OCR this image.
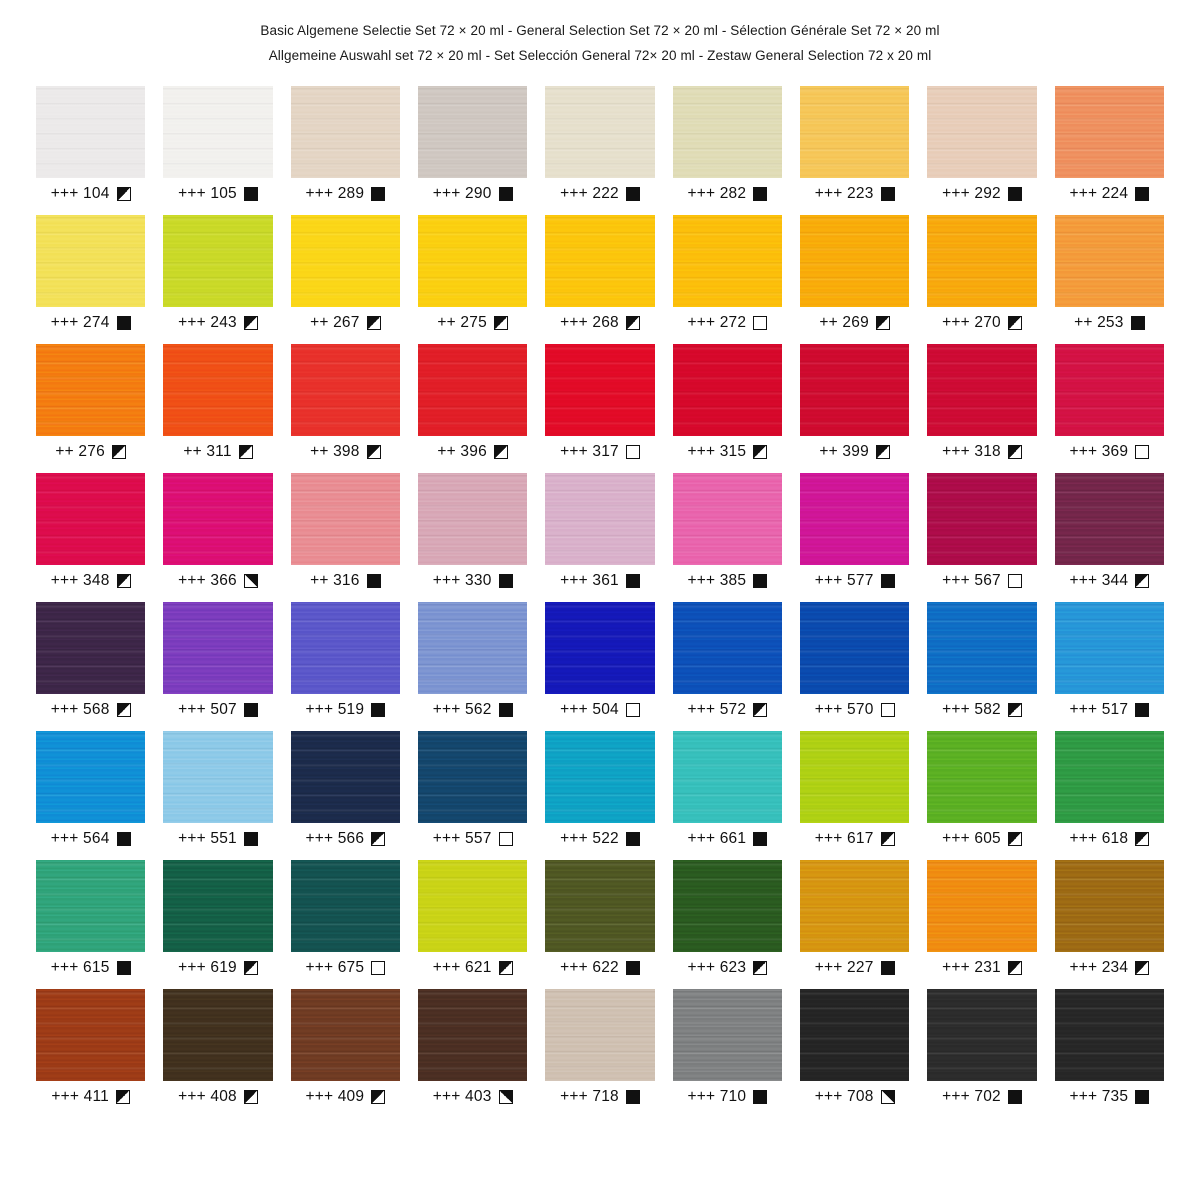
Basic Algemene Selectie Set 72 × 20 ml - General Selection Set 72 × 20 ml - Sélection Générale Set 72 × 20 ml
Allgemeine Auswahl set 72 × 20 ml - Set Selección General 72× 20 ml - Zestaw General Selection 72 x 20 ml
+++ 104	+++ 105	+++ 289	+++ 290	+++ 222	+++ 282	+++ 223	+++ 292	+++ 224
+++ 274	+++ 243	++ 267	++ 275	+++ 268	+++ 272	++ 269	+++ 270	++ 253
++ 276	++ 311	++ 398	++ 396	+++ 317	+++ 315	++ 399	+++ 318	+++ 369
+++ 348	+++ 366	++ 316	+++ 330	+++ 361	+++ 385	+++ 577	+++ 567	+++ 344
+++ 568	+++ 507	+++ 519	+++ 562	+++ 504	+++ 572	+++ 570	+++ 582	+++ 517
+++ 564	+++ 551	+++ 566	+++ 557	+++ 522	+++ 661	+++ 617	+++ 605	+++ 618
+++ 615	+++ 619	+++ 675	+++ 621	+++ 622	+++ 623	+++ 227	+++ 231	+++ 234
+++ 411	+++ 408	+++ 409	+++ 403	+++ 718	+++ 710	+++ 708	+++ 702	+++ 735
